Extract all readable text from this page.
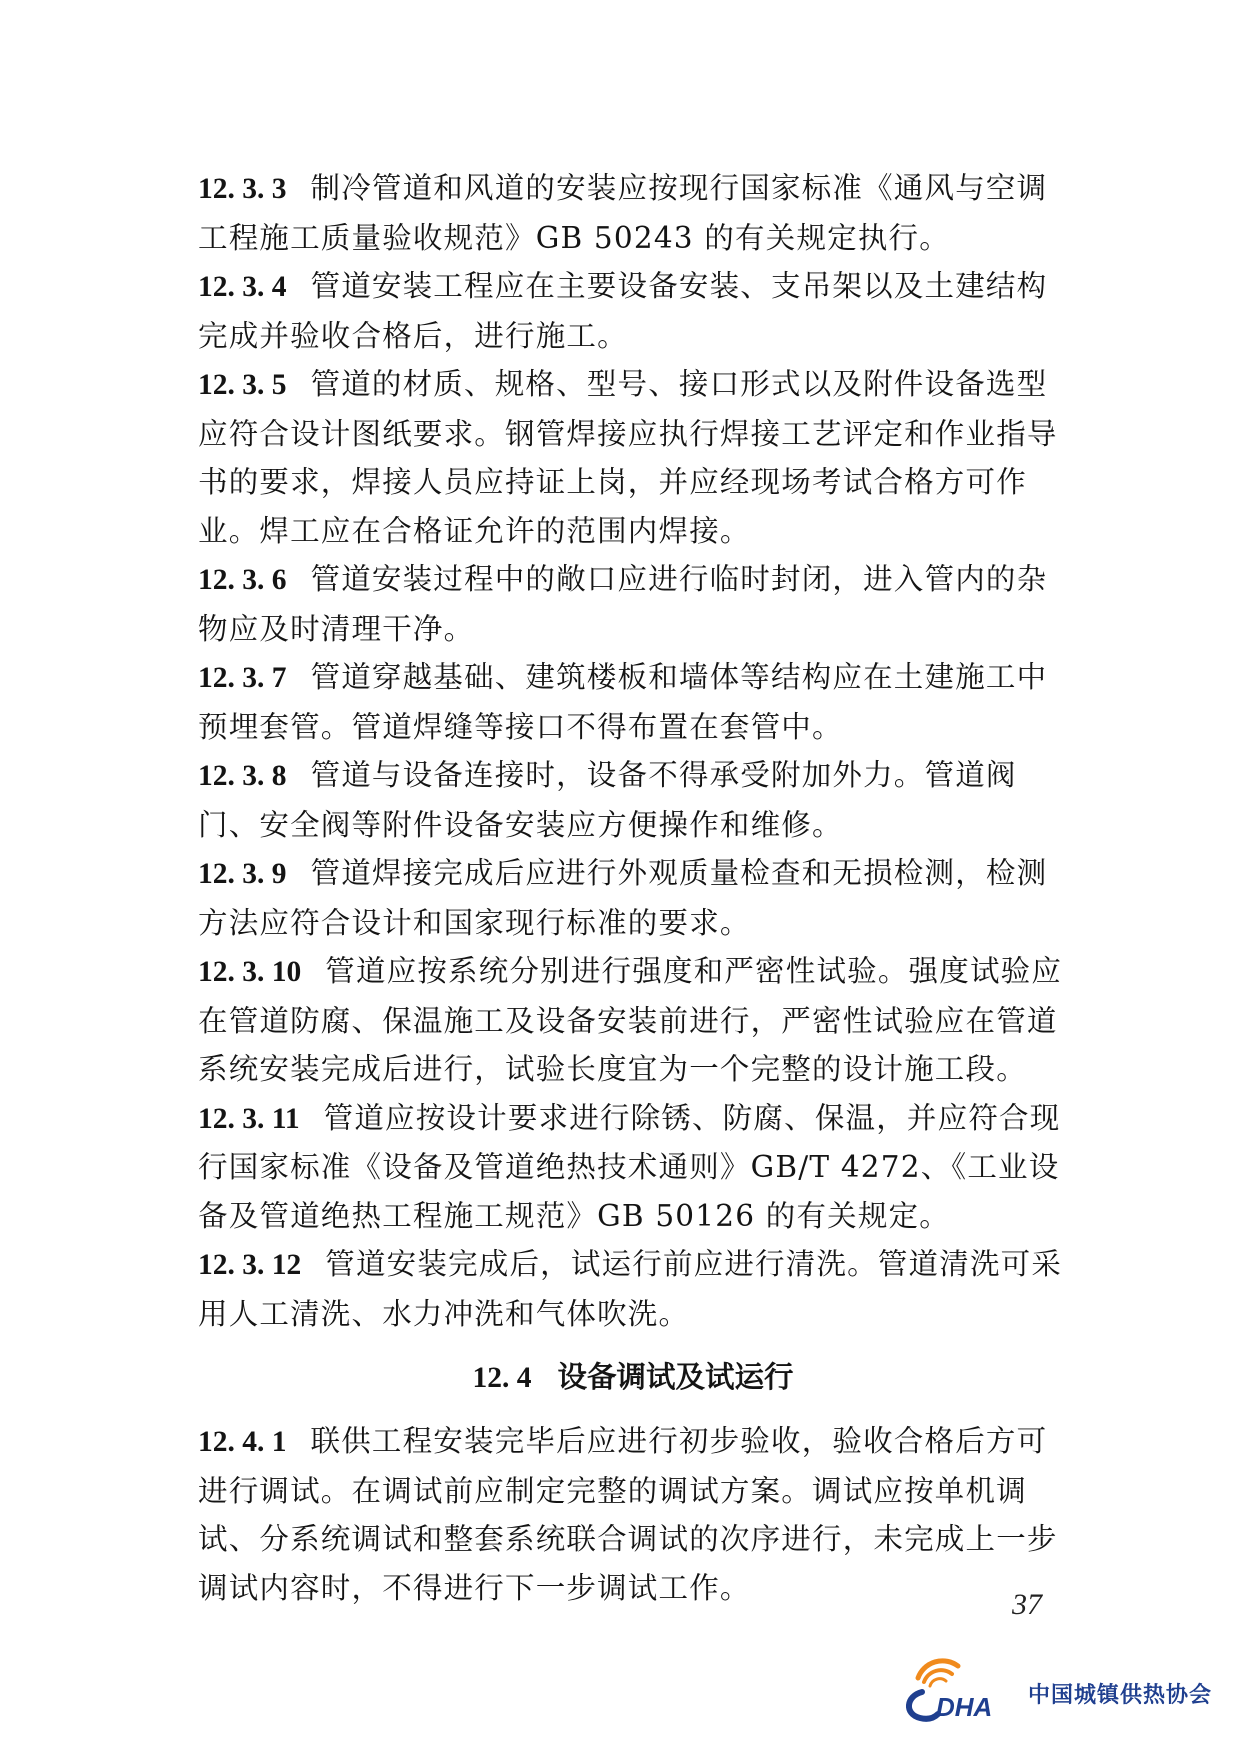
12. 3. 3 制冷管道和风道的安装应按现行国家标准《通风与空调工程施工质量验收规范》GB 50243 的有关规定执行。

12. 3. 4 管道安装工程应在主要设备安装、支吊架以及土建结构完成并验收合格后，进行施工。

12. 3. 5 管道的材质、规格、型号、接口形式以及附件设备选型应符合设计图纸要求。钢管焊接应执行焊接工艺评定和作业指导书的要求，焊接人员应持证上岗，并应经现场考试合格方可作业。焊工应在合格证允许的范围内焊接。

12. 3. 6 管道安装过程中的敞口应进行临时封闭，进入管内的杂物应及时清理干净。

12. 3. 7 管道穿越基础、建筑楼板和墙体等结构应在土建施工中预埋套管。管道焊缝等接口不得布置在套管中。

12. 3. 8 管道与设备连接时，设备不得承受附加外力。管道阀门、安全阀等附件设备安装应方便操作和维修。

12. 3. 9 管道焊接完成后应进行外观质量检查和无损检测，检测方法应符合设计和国家现行标准的要求。

12. 3. 10 管道应按系统分别进行强度和严密性试验。强度试验应在管道防腐、保温施工及设备安装前进行，严密性试验应在管道系统安装完成后进行，试验长度宜为一个完整的设计施工段。

12. 3. 11 管道应按设计要求进行除锈、防腐、保温，并应符合现行国家标准《设备及管道绝热技术通则》GB/T 4272、《工业设备及管道绝热工程施工规范》GB 50126 的有关规定。

12. 3. 12 管道安装完成后，试运行前应进行清洗。管道清洗可采用人工清洗、水力冲洗和气体吹洗。

12. 4 设备调试及试运行

12. 4. 1 联供工程安装完毕后应进行初步验收，验收合格后方可进行调试。在调试前应制定完整的调试方案。调试应按单机调试、分系统调试和整套系统联合调试的次序进行，未完成上一步调试内容时，不得进行下一步调试工作。	37
DHA 中国城镇供热协会
